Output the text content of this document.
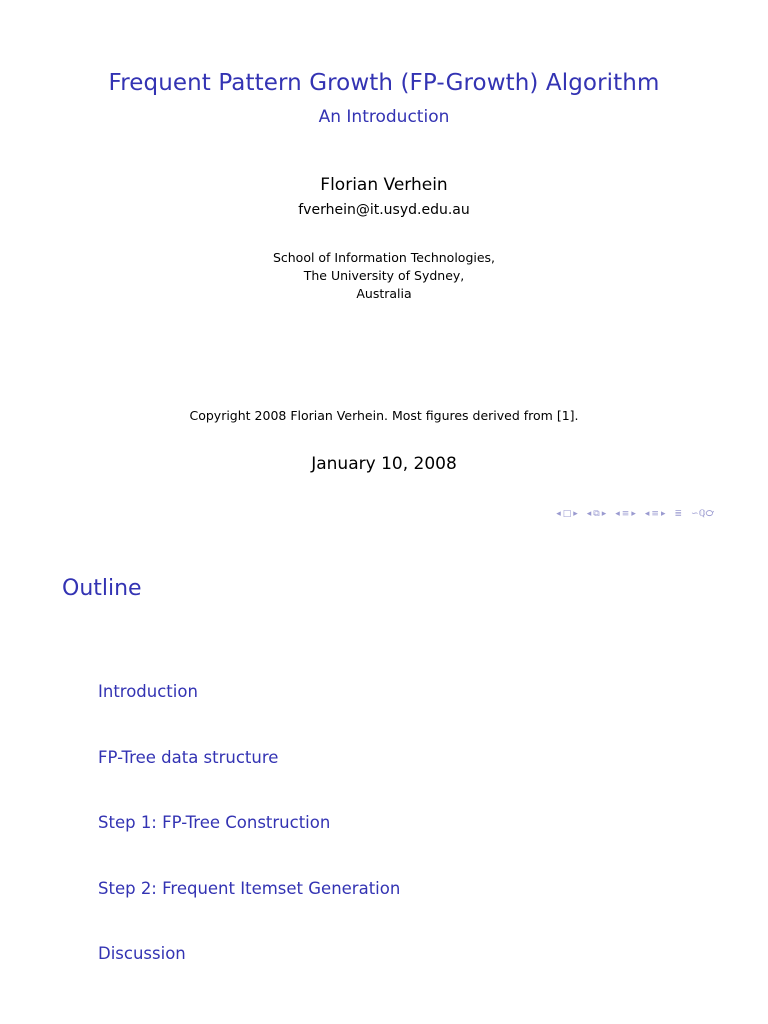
Frequent Pattern Growth (FP-Growth) Algorithm
An Introduction
Florian Verhein
fverhein@it.usyd.edu.au
School of Information Technologies,
The University of Sydney,
Australia
Copyright 2008 Florian Verhein. Most figures derived from [1].
January 10, 2008
◂ □ ▸ ◂ ⧉ ▸ ◂ ≡ ▸ ◂ ≡ ▸ ≣ ∽ℚ℺
Outline
Introduction
FP-Tree data structure
Step 1: FP-Tree Construction
Step 2: Frequent Itemset Generation
Discussion
